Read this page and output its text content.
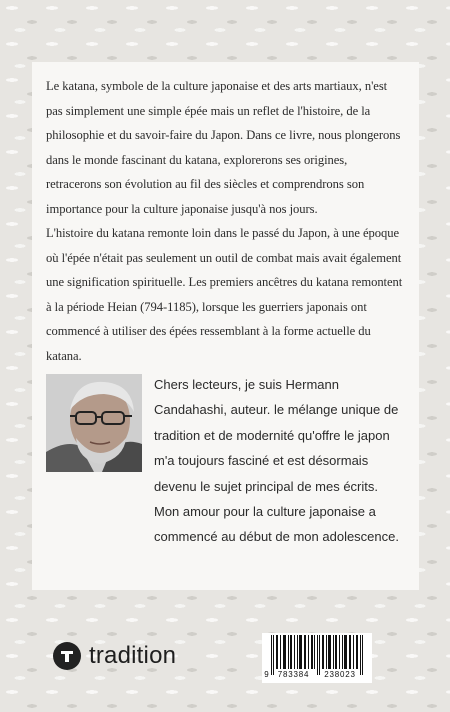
Le katana, symbole de la culture japonaise et des arts martiaux, n'est pas simplement une simple épée mais un reflet de l'histoire, de la philosophie et du savoir-faire du Japon. Dans ce livre, nous plongerons dans le monde fascinant du katana, explorerons ses origines, retracerons son évolution au fil des siècles et comprendrons son importance pour la culture japonaise jusqu'à nos jours.

L'histoire du katana remonte loin dans le passé du Japon, à une époque où l'épée n'était pas seulement un outil de combat mais avait également une signification spirituelle. Les premiers ancêtres du katana remontent à la période Heian (794-1185), lorsque les guerriers japonais ont commencé à utiliser des épées ressemblant à la forme actuelle du katana.

Chers lecteurs, je suis Hermann Candahashi, auteur. le mélange unique de tradition et de modernité qu'offre le japon m'a toujours fasciné et est désormais devenu le sujet principal de mes écrits. Mon amour pour la culture japonaise a commencé au début de mon adolescence.

tradition
9	783384	238023
